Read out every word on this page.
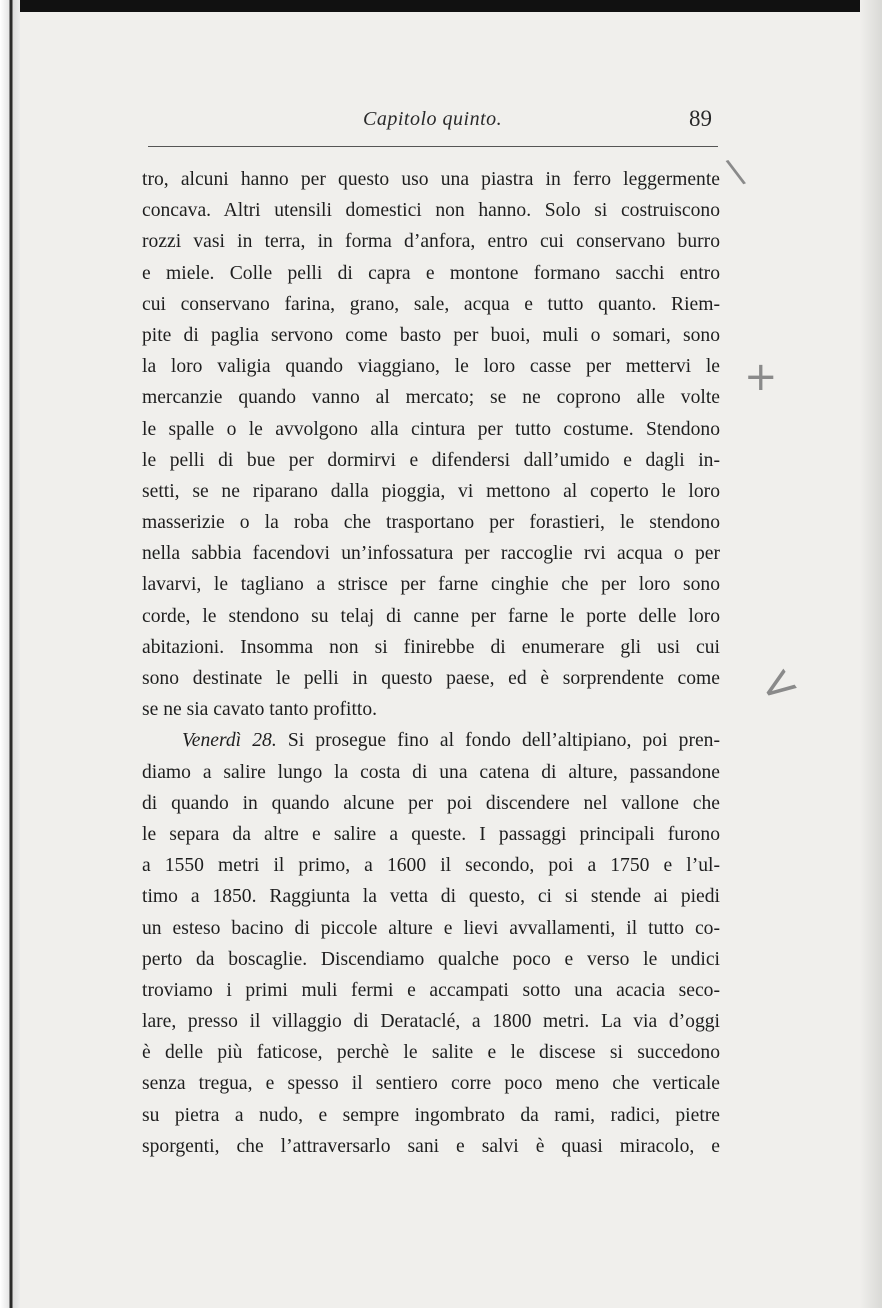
Capitolo quinto.	89
\
+
<
tro, alcuni hanno per questo uso una piastra in ferro leggermente
concava. Altri utensili domestici non hanno. Solo si costruiscono
rozzi vasi in terra, in forma d’anfora, entro cui conservano burro
e miele. Colle pelli di capra e montone formano sacchi entro
cui conservano farina, grano, sale, acqua e tutto quanto. Riem-
pite di paglia servono come basto per buoi, muli o somari, sono
la loro valigia quando viaggiano, le loro casse per mettervi le
mercanzie quando vanno al mercato; se ne coprono alle volte
le spalle o le avvolgono alla cintura per tutto costume. Stendono
le pelli di bue per dormirvi e difendersi dall’umido e dagli in-
setti, se ne riparano dalla pioggia, vi mettono al coperto le loro
masserizie o la roba che trasportano per forastieri, le stendono
nella sabbia facendovi un’infossatura per raccoglie rvi acqua o per
lavarvi, le tagliano a strisce per farne cinghie che per loro sono
corde, le stendono su telaj di canne per farne le porte delle loro
abitazioni. Insomma non si finirebbe di enumerare gli usi cui
sono destinate le pelli in questo paese, ed è sorprendente come
se ne sia cavato tanto profitto.
Venerdì 28. Si prosegue fino al fondo dell’altipiano, poi pren-
diamo a salire lungo la costa di una catena di alture, passandone
di quando in quando alcune per poi discendere nel vallone che
le separa da altre e salire a queste. I passaggi principali furono
a 1550 metri il primo, a 1600 il secondo, poi a 1750 e l’ul-
timo a 1850. Raggiunta la vetta di questo, ci si stende ai piedi
un esteso bacino di piccole alture e lievi avvallamenti, il tutto co-
perto da boscaglie. Discendiamo qualche poco e verso le undici
troviamo i primi muli fermi e accampati sotto una acacia seco-
lare, presso il villaggio di Derataclé, a 1800 metri. La via d’oggi
è delle più faticose, perchè le salite e le discese si succedono
senza tregua, e spesso il sentiero corre poco meno che verticale
su pietra a nudo, e sempre ingombrato da rami, radici, pietre
sporgenti, che l’attraversarlo sani e salvi è quasi miracolo, e
